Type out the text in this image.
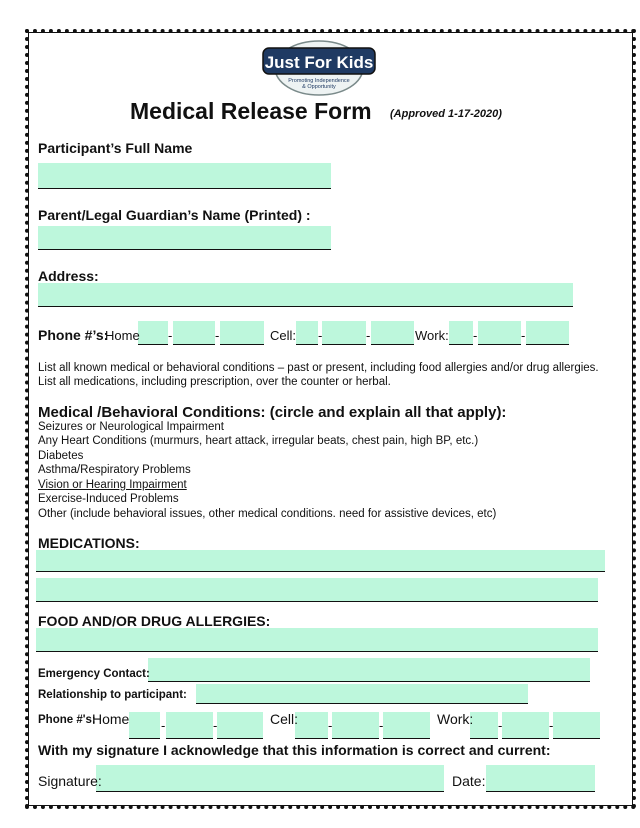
Just For Kids
Promoting Independence
& Opportunity
Medical Release Form (Approved 1-17-2020)
Participant’s Full Name
Parent/Legal Guardian’s Name (Printed) :
Address:
Phone #’s:
Home -	-	Cell: -	-	Work: -	-
List all known medical or behavioral conditions – past or present, including food allergies and/or drug allergies.
List all medications, including prescription, over the counter or herbal.
Medical /Behavioral Conditions: (circle and explain all that apply):
Seizures or Neurological Impairment
Any Heart Conditions (murmurs, heart attack, irregular beats, chest pain, high BP, etc.)
Diabetes
Asthma/Respiratory Problems
Vision or Hearing Impairment
Exercise-Induced Problems
Other (include behavioral issues, other medical conditions. need for assistive devices, etc)
MEDICATIONS:
FOOD AND/OR DRUG ALLERGIES:
Emergency Contact:
Relationship to participant:
Phone #'s:
Home -	-	Cell: -	-	Work: -	-
With my signature I acknowledge that this information is correct and current:
Signature:	Date:
